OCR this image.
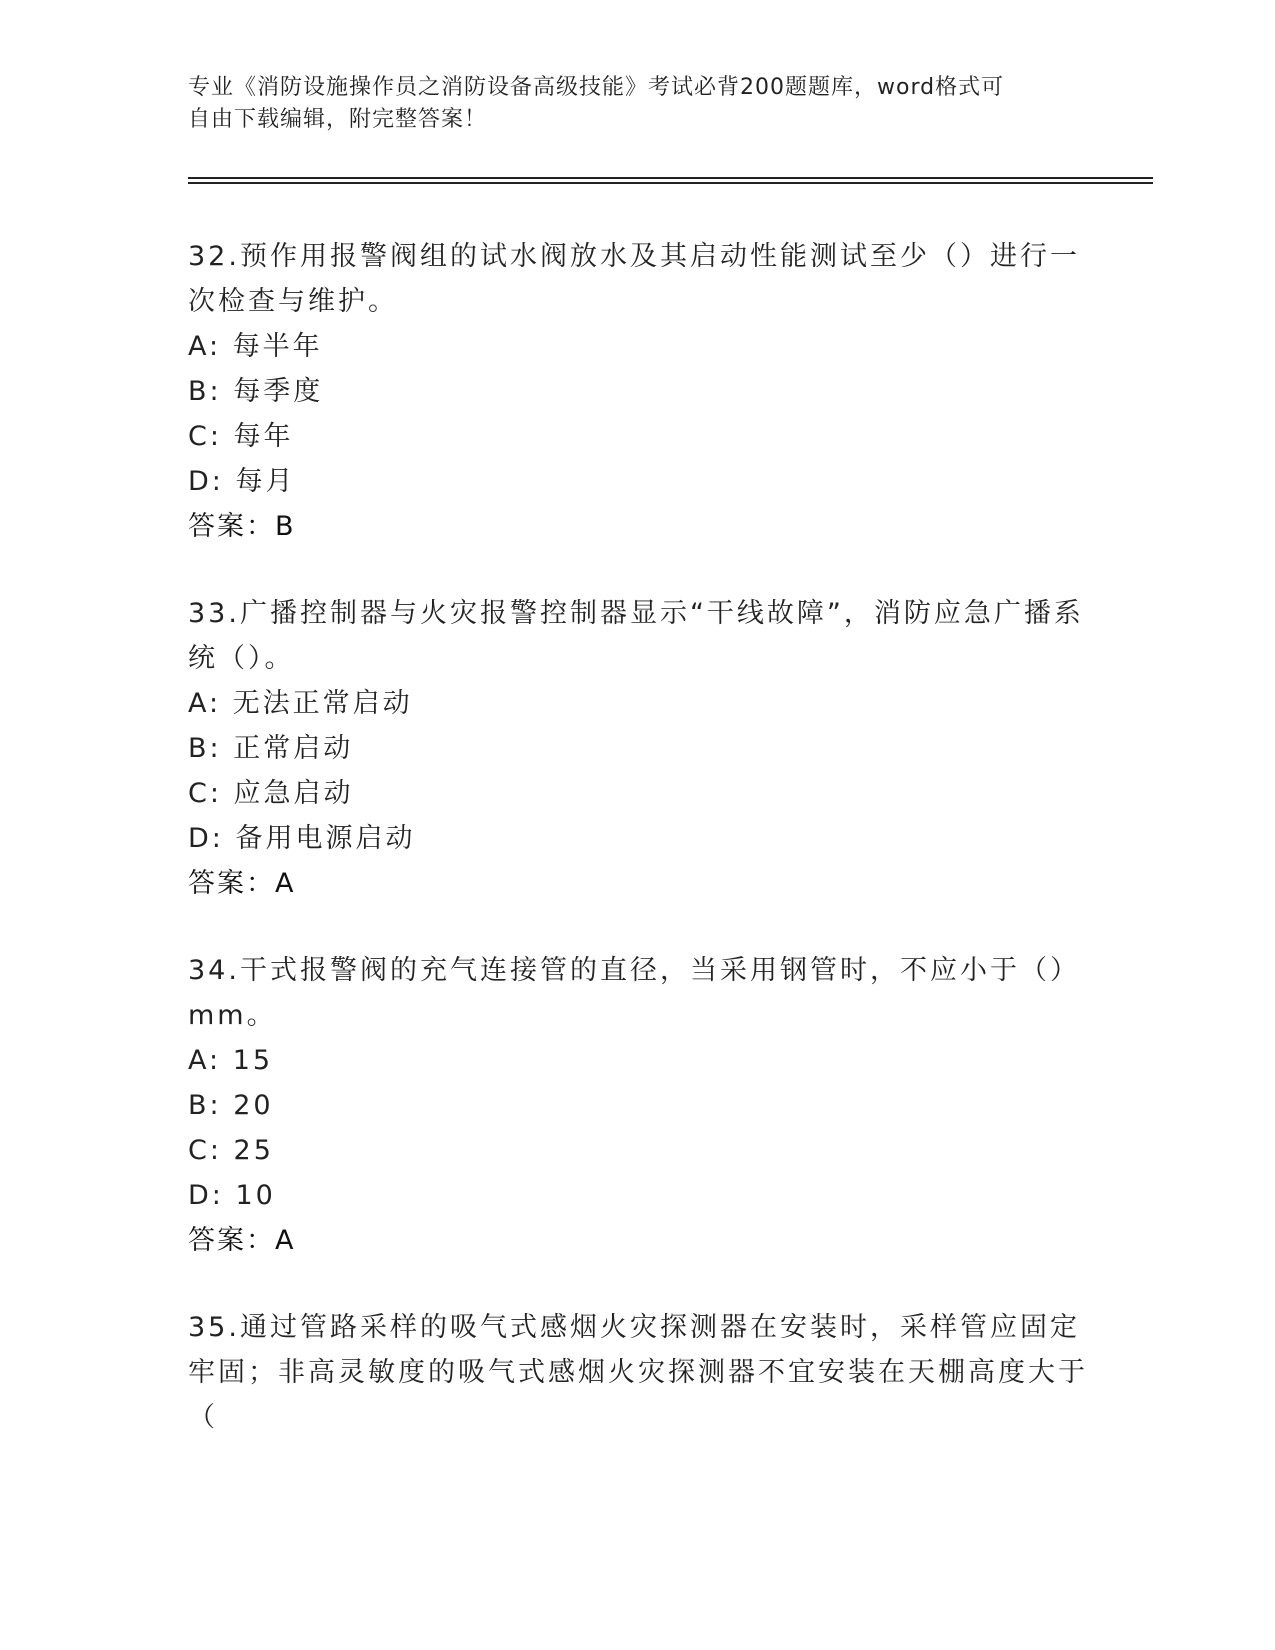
专业《消防设施操作员之消防设备高级技能》考试必背200题题库，word格式可
自由下载编辑，附完整答案！

32.预作用报警阀组的试水阀放水及其启动性能测试至少（）进行一次检查与维护。

A: 每半年
B: 每季度
C: 每年
D: 每月
答案：B

33.广播控制器与火灾报警控制器显示“干线故障”，消防应急广播系统（）。

A: 无法正常启动
B: 正常启动
C: 应急启动
D: 备用电源启动
答案：A

34.干式报警阀的充气连接管的直径，当采用钢管时，不应小于（）mm。

A: 15
B: 20
C: 25
D: 10
答案：A

35.通过管路采样的吸气式感烟火灾探测器在安装时，采样管应固定牢固；非高灵敏度的吸气式感烟火灾探测器不宜安装在天棚高度大于（
